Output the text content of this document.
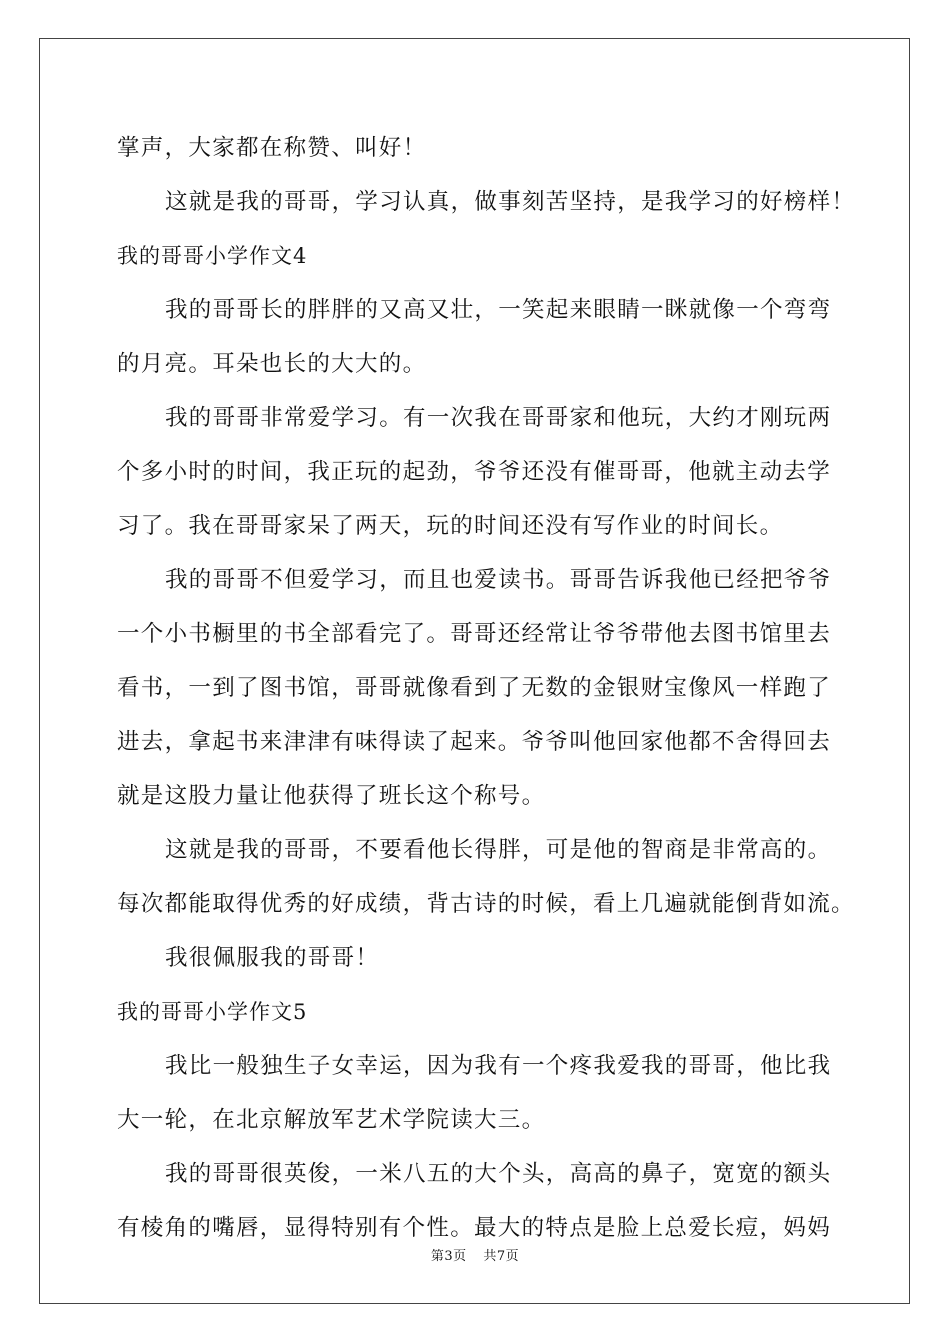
掌声，大家都在称赞、叫好！
这就是我的哥哥，学习认真，做事刻苦坚持，是我学习的好榜样！
我的哥哥小学作文4
我的哥哥长的胖胖的又高又壮，一笑起来眼睛一眯就像一个弯弯
的月亮。耳朵也长的大大的。
我的哥哥非常爱学习。有一次我在哥哥家和他玩，大约才刚玩两
个多小时的时间，我正玩的起劲，爷爷还没有催哥哥，他就主动去学
习了。我在哥哥家呆了两天，玩的时间还没有写作业的时间长。
我的哥哥不但爱学习，而且也爱读书。哥哥告诉我他已经把爷爷
一个小书橱里的书全部看完了。哥哥还经常让爷爷带他去图书馆里去
看书，一到了图书馆，哥哥就像看到了无数的金银财宝像风一样跑了
进去，拿起书来津津有味得读了起来。爷爷叫他回家他都不舍得回去
就是这股力量让他获得了班长这个称号。
这就是我的哥哥，不要看他长得胖，可是他的智商是非常高的。
每次都能取得优秀的好成绩，背古诗的时候，看上几遍就能倒背如流。
我很佩服我的哥哥！
我的哥哥小学作文5
我比一般独生子女幸运，因为我有一个疼我爱我的哥哥，他比我
大一轮，在北京解放军艺术学院读大三。
我的哥哥很英俊，一米八五的大个头，高高的鼻子，宽宽的额头
有棱角的嘴唇，显得特别有个性。最大的特点是脸上总爱长痘，妈妈
第3页 共7页
